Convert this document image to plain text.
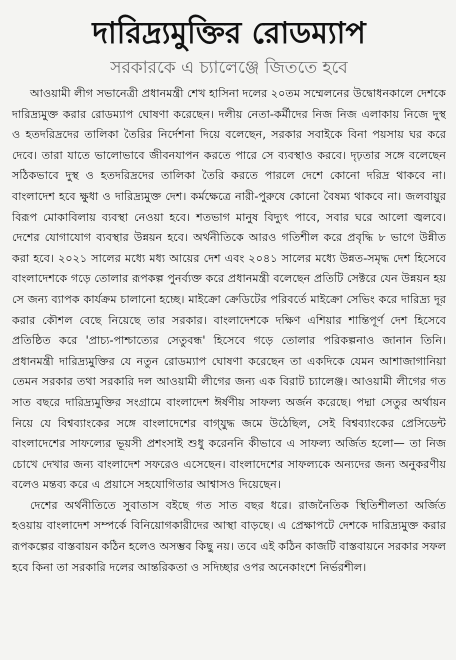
দারিদ্র্যমুক্তির রোডম্যাপ
সরকারকে এ চ্যালেঞ্জে জিততে হবে

আওয়ামী লীগ সভানেত্রী প্রধানমন্ত্রী শেখ হাসিনা দলের ২০তম সম্মেলনের উদ্বোধনকালে দেশকে দারিদ্র্যমুক্ত করার রোডম্যাপ ঘোষণা করেছেন। দলীয় নেতা-কর্মীদের নিজ নিজ এলাকায় নিজে দুস্থ ও হতদরিদ্রদের তালিকা তৈরির নির্দেশনা দিয়ে বলেছেন, সরকার সবাইকে বিনা পয়সায় ঘর করে দেবে। তারা যাতে ভালোভাবে জীবনযাপন করতে পারে সে ব্যবস্থাও করবে। দৃঢ়তার সঙ্গে বলেছেন সঠিকভাবে দুস্থ ও হতদরিদ্রদের তালিকা তৈরি করতে পারলে দেশে কোনো দরিদ্র থাকবে না। বাংলাদেশ হবে ক্ষুধা ও দারিদ্র্যমুক্ত দেশ। কর্মক্ষেত্রে নারী-পুরুষে কোনো বৈষম্য থাকবে না। জলবায়ুর বিরূপ মোকাবিলায় ব্যবস্থা নেওয়া হবে। শতভাগ মানুষ বিদ্যুৎ পাবে, সবার ঘরে আলো জ্বলবে। দেশের যোগাযোগ ব্যবস্থার উন্নয়ন হবে। অর্থনীতিকে আরও গতিশীল করে প্রবৃদ্ধি ৮ ভাগে উন্নীত করা হবে। ২০২১ সালের মধ্যে মধ্য আয়ের দেশ এবং ২০৪১ সালের মধ্যে উন্নত-সমৃদ্ধ দেশ হিসেবে বাংলাদেশকে গড়ে তোলার রূপকল্প পুনর্ব্যক্ত করে প্রধানমন্ত্রী বলেছেন প্রতিটি সেক্টরে যেন উন্নয়ন হয় সে জন্য ব্যাপক কার্যক্রম চালানো হচ্ছে। মাইক্রো ক্রেডিটের পরিবর্তে মাইক্রো সেভিং করে দারিদ্র্য দূর করার কৌশল বেছে নিয়েছে তার সরকার। বাংলাদেশকে দক্ষিণ এশিয়ার শান্তিপূর্ণ দেশ হিসেবে প্রতিষ্ঠিত করে 'প্রাচ্য-পাশ্চাত্যের সেতুবন্ধ' হিসেবে গড়ে তোলার পরিকল্পনাও জানান তিনি। প্রধানমন্ত্রী দারিদ্র্যমুক্তির যে নতুন রোডম্যাপ ঘোষণা করেছেন তা একদিকে যেমন আশাজাগানিয়া তেমন সরকার তথা সরকারি দল আওয়ামী লীগের জন্য এক বিরাট চ্যালেঞ্জ। আওয়ামী লীগের গত সাত বছরে দারিদ্র্যমুক্তির সংগ্রামে বাংলাদেশ ঈর্ষণীয় সাফল্য অর্জন করেছে। পদ্মা সেতুর অর্থায়ন নিয়ে যে বিশ্বব্যাংকের সঙ্গে বাংলাদেশের বাগ্‌যুদ্ধ জমে উঠেছিল, সেই বিশ্বব্যাংকের প্রেসিডেন্ট বাংলাদেশের সাফল্যের ভূয়সী প্রশংসাই শুধু করেননি কীভাবে এ সাফল্য অর্জিত হলো— তা নিজ চোখে দেখার জন্য বাংলাদেশ সফরেও এসেছেন। বাংলাদেশের সাফল্যকে অন্যদের জন্য অনুকরণীয় বলেও মন্তব্য করে এ প্রয়াসে সহযোগিতার আশ্বাসও দিয়েছেন।

দেশের অর্থনীতিতে সুবাতাস বইছে গত সাত বছর ধরে। রাজনৈতিক স্থিতিশীলতা অর্জিত হওয়ায় বাংলাদেশ সম্পর্কে বিনিয়োগকারীদের আস্থা বাড়ছে। এ প্রেক্ষাপটে দেশকে দারিদ্র্যমুক্ত করার রূপকল্পের বাস্তবায়ন কঠিন হলেও অসম্ভব কিছু নয়। তবে এই কঠিন কাজটি বাস্তবায়নে সরকার সফল হবে কিনা তা সরকারি দলের আন্তরিকতা ও সদিচ্ছার ওপর অনেকাংশে নির্ভরশীল।
